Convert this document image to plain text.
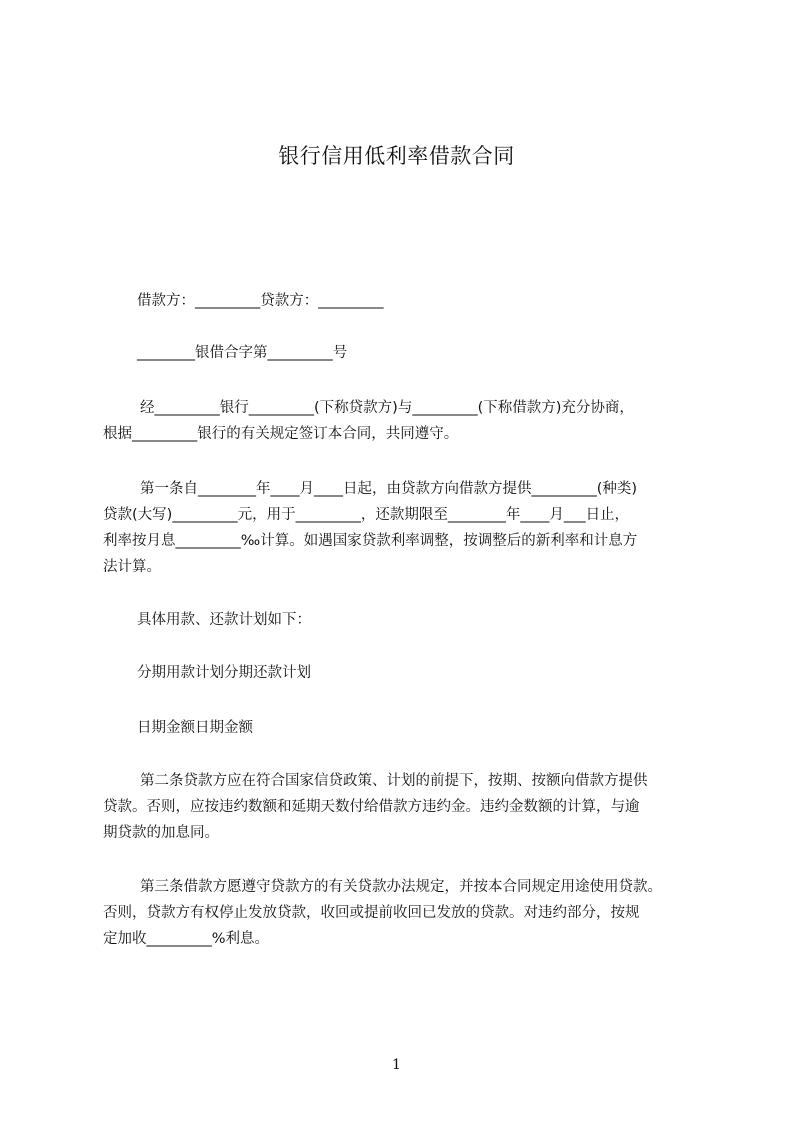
银行信用低利率借款合同

借款方：_________贷款方：_________

________银借合字第_________号

经_________银行_________(下称贷款方)与_________(下称借款方)充分协商，
根据_________银行的有关规定签订本合同，共同遵守。

第一条自________年____月____日起，由贷款方向借款方提供_________(种类)
贷款(大写)_________元，用于_________，还款期限至________年____月___日止，
利率按月息_________‰计算。如遇国家贷款利率调整，按调整后的新利率和计息方
法计算。

具体用款、还款计划如下：

分期用款计划分期还款计划

日期金额日期金额

第二条贷款方应在符合国家信贷政策、计划的前提下，按期、按额向借款方提供
贷款。否则，应按违约数额和延期天数付给借款方违约金。违约金数额的计算，与逾
期贷款的加息同。

第三条借款方愿遵守贷款方的有关贷款办法规定，并按本合同规定用途使用贷款。
否则，贷款方有权停止发放贷款，收回或提前收回已发放的贷款。对违约部分，按规
定加收_________%利息。

1
